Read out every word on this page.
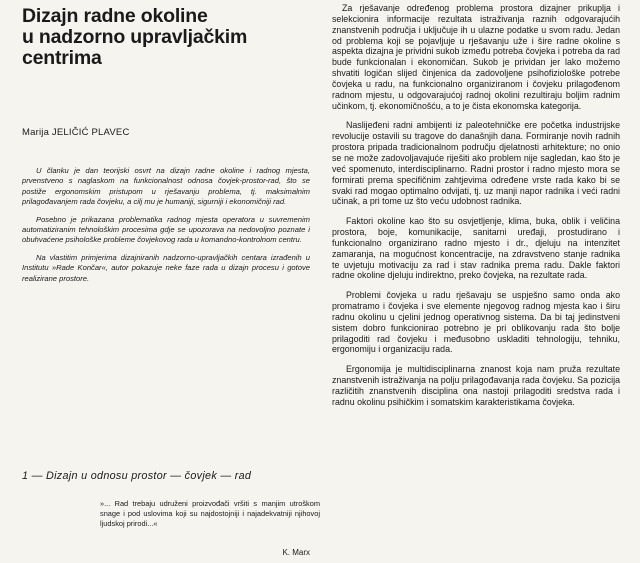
Dizajn radne okoline
u nadzorno upravljačkim
centrima
Marija JELIČIĆ PLAVEC

U članku je dan teorijski osvrt na dizajn radne okoline i radnog mjesta, prvenstveno s naglaskom na funkcionalnost odnosa čovjek-prostor-rad, što se postiže ergonomskim pristupom u rješavanju problema, tj. maksimalnim prilagođavanjem rada čovjeku, a cilj mu je humaniji, sigurniji i ekonomičniji rad.

Posebno je prikazana problematika radnog mjesta operatora u suvremenim automatiziranim tehnološkim procesima gdje se upozorava na nedovoljno poznate i obuhvaćene psihološke probleme čovjekovog rada u komandno-kontrolnom centru.

Na vlastitim primjerima dizajniranih nadzorno-upravljačkih centara izrađenih u Institutu »Rade Končar«, autor pokazuje neke faze rada u dizajn procesu i gotove realizirane prostore.

1 — Dizajn u odnosu prostor — čovjek — rad
»... Rad trebaju udruženi proizvođači vršiti s manjim utroškom snage i pod uslovima koji su najdostojniji i najadekvatniji njihovoj ljudskoj prirodi...«
K. Marx

Za rješavanje određenog problema prostora dizajner prikuplja i selekcionira informacije rezultata istraživanja raznih odgovarajućih znanstvenih područja i uključuje ih u ulazne podatke u svom radu. Jedan od problema koji se pojavljuje u rješavanju uže i šire radne okoline s aspekta dizajna je prividni sukob između potreba čovjeka i potreba da rad bude funkcionalan i ekonomičan. Sukob je prividan jer lako možemo shvatiti logičan slijed činjenica da zadovoljene psihofiziološke potrebe čovjeka u radu, na funkcionalno organiziranom i čovjeku prilagođenom radnom mjestu, u odgovarajućoj radnoj okolini rezultiraju boljim radnim učinkom, tj. ekonomičnošću, a to je čista ekonomska kategorija.

Naslijeđeni radni ambijenti iz paleotehničke ere početka industrijske revolucije ostavili su tragove do današnjih dana. Formiranje novih radnih prostora pripada tradicionalnom području djelatnosti arhitekture; no onio se ne može zadovoljavajuće riješiti ako problem nije sagledan, kao što je već spomenuto, interdisciplinarno. Radni prostor i radno mjesto mora se formirati prema specifičnim zahtjevima određene vrste rada kako bi se svaki rad mogao optimalno odvijati, tj. uz manji napor radnika i veći radni učinak, a pri tome uz što veću udobnost radnika.

Faktori okoline kao što su osvjetljenje, klima, buka, oblik i veličina prostora, boje, komunikacije, sanitarni uređaji, prostudirano i funkcionalno organizirano radno mjesto i dr., djeluju na intenzitet zamaranja, na mogućnost koncentracije, na zdravstveno stanje radnika te uvjetuju motivaciju za rad i stav radnika prema radu. Dakle faktori radne okoline djeluju indirektno, preko čovjeka, na rezultate rada.

Problemi čovjeka u radu rješavaju se uspješno samo onda ako promatramo i čovjeka i sve elemente njegovog radnog mjesta kao i širu radnu okolinu u cjelini jednog operativnog sistema. Da bi taj jedinstveni sistem dobro funkcionirao potrebno je pri oblikovanju rada što bolje prilagoditi rad čovjeku i međusobno uskladiti tehnologiju, tehniku, ergonomiju i organizaciju rada.

Ergonomija je multidisciplinarna znanost koja nam pruža rezultate znanstvenih istraživanja na polju prilagođavanja rada čovjeku. Sa pozicija različitih znanstvenih disciplina ona nastoji prilagoditi sredstva rada i radnu okolinu psihičkim i somatskim karakteristikama čovjeka.
